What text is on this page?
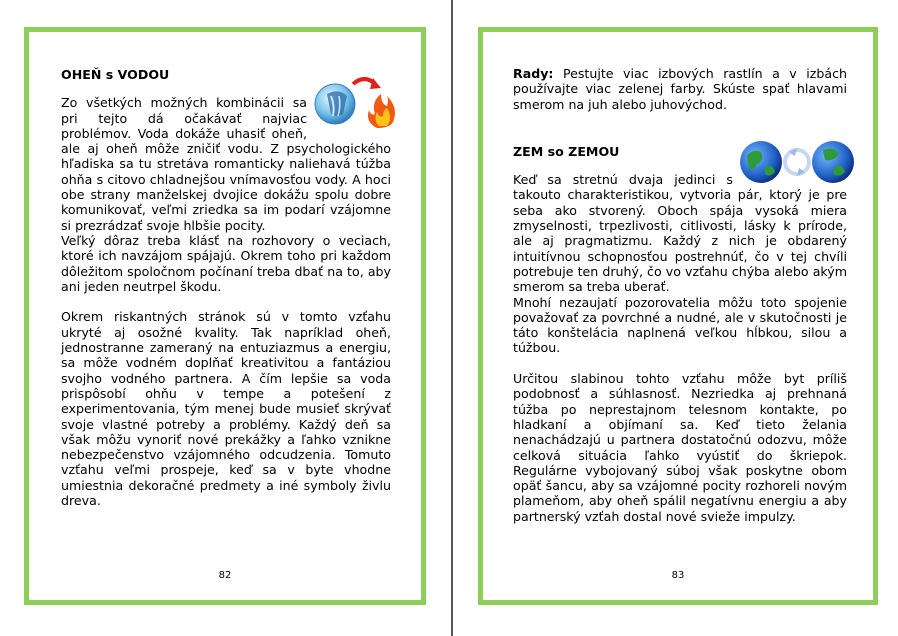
OHEŇ s VODOU

Zo všetkých možných kombinácii sa pri tejto dá očakávať najviac problémov. Voda dokáže uhasiť oheň, ale aj oheň môže zničiť vodu. Z psychologického hľadiska sa tu stretáva romanticky naliehavá túžba ohňa s citovo chladnejšou vnímavosťou vody. A hoci obe strany manželskej dvojice dokážu spolu dobre komunikovať, veľmi zriedka sa im podarí vzájomne si prezrádzať svoje hlbšie pocity.

Veľký dôraz treba klásť na rozhovory o veciach, ktoré ich navzájom spájajú. Okrem toho pri každom dôležitom spoločnom počínaní treba dbať na to, aby ani jeden neutrpel škodu.

Okrem riskantných stránok sú v tomto vzťahu ukryté aj osožné kvality. Tak napríklad oheň, jednostranne zameraný na entuziazmus a energiu, sa môže vodném doplňať kreativitou a fantáziou svojho vodného partnera. A čím lepšie sa voda prispôsobí ohňu v tempe a potešení z experimentovania, tým menej bude musieť skrývať svoje vlastné potreby a problémy. Každý deň sa však môžu vynoriť nové prekážky a ľahko vznikne nebezpečenstvo vzájomného odcudzenia. Tomuto vzťahu veľmi prospeje, keď sa v byte vhodne umiestnia dekoračné predmety a iné symboly živlu dreva.

82

Rady: Pestujte viac izbových rastlín a v izbách používajte viac zelenej farby. Skúste spať hlavami smerom na juh alebo juhovýchod.

ZEM so ZEMOU

Keď sa stretnú dvaja jedinci s takouto charakteristikou, vytvoria pár, ktorý je pre seba ako stvorený. Oboch spája vysoká miera zmyselnosti, trpezlivosti, citlivosti, lásky k prírode, ale aj pragmatizmu. Každý z nich je obdarený intuitívnou schopnosťou postrehnúť, čo v tej chvíli potrebuje ten druhý, čo vo vzťahu chýba alebo akým smerom sa treba uberať.

Mnohí nezaujatí pozorovatelia môžu toto spojenie považovať za povrchné a nudné, ale v skutočnosti je táto konštelácia naplnená veľkou hĺbkou, silou a túžbou.

Určitou slabinou tohto vzťahu môže byt príliš podobnosť a súhlasnosť. Nezriedka aj prehnaná túžba po neprestajnom telesnom kontakte, po hladkaní a objímaní sa. Keď tieto želania nenachádzajú u partnera dostatočnú odozvu, môže celková situácia ľahko vyústiť do škriepok. Regulárne vybojovaný súboj však poskytne obom opäť šancu, aby sa vzájomné pocity rozhoreli novým plameňom, aby oheň spálil negatívnu energiu a aby partnerský vzťah dostal nové svieže impulzy.

83
